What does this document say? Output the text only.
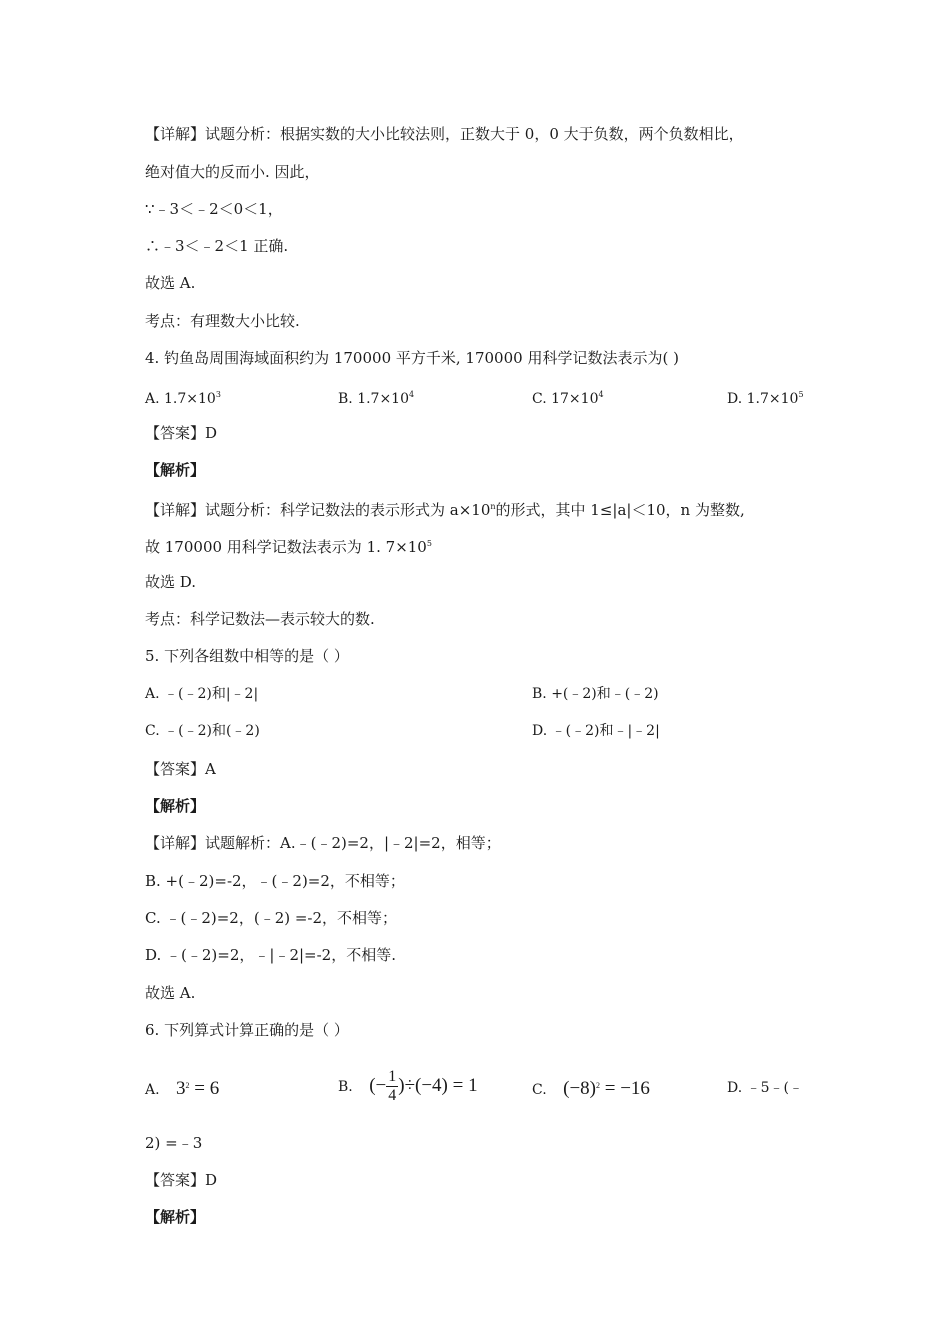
【详解】试题分析：根据实数的大小比较法则，正数大于 0，0 大于负数，两个负数相比，
绝对值大的反而小. 因此，
∵﹣3＜﹣2＜0＜1，
∴﹣3＜﹣2＜1 正确.
故选 A.
考点：有理数大小比较.
4. 钓鱼岛周围海域面积约为 170000 平方千米, 170000 用科学记数法表示为( )
A. $1.7\times 10^3$	B. $1.7\times 10^4$	C. $17\times 10^4$	D. $1.7\times 10^5$
【答案】D
【解析】
【详解】试题分析：科学记数法的表示形式为 $a\times 10^n$的形式，其中 1≤|a|＜10，n 为整数,
故 170000 用科学记数法表示为 1. $7\times 10^5$
故选 D.
考点：科学记数法—表示较大的数.
5. 下列各组数中相等的是（ ）
A. ﹣(﹣2)和|﹣2|	B. +(﹣2)和﹣(﹣2)
C. ﹣(﹣2)和(﹣2)	D. ﹣(﹣2)和﹣|﹣2|
【答案】A
【解析】
【详解】试题解析：A.﹣(﹣2)=2，|﹣2|=2，相等；
B. +(﹣2)=-2，﹣(﹣2)=2，不相等；
C. ﹣(﹣2)=2，(﹣2) =-2，不相等；
D. ﹣(﹣2)=2，﹣|﹣2|=-2，不相等.
故选 A.
6. 下列算式计算正确的是（ ）
A. $3^2 = 6$	B. (− $\frac{1}{4} )\div(-4) = 1$	C. $(-8)^2 = -16$	D. ﹣5﹣(﹣
2) =﹣3
【答案】D
【解析】
